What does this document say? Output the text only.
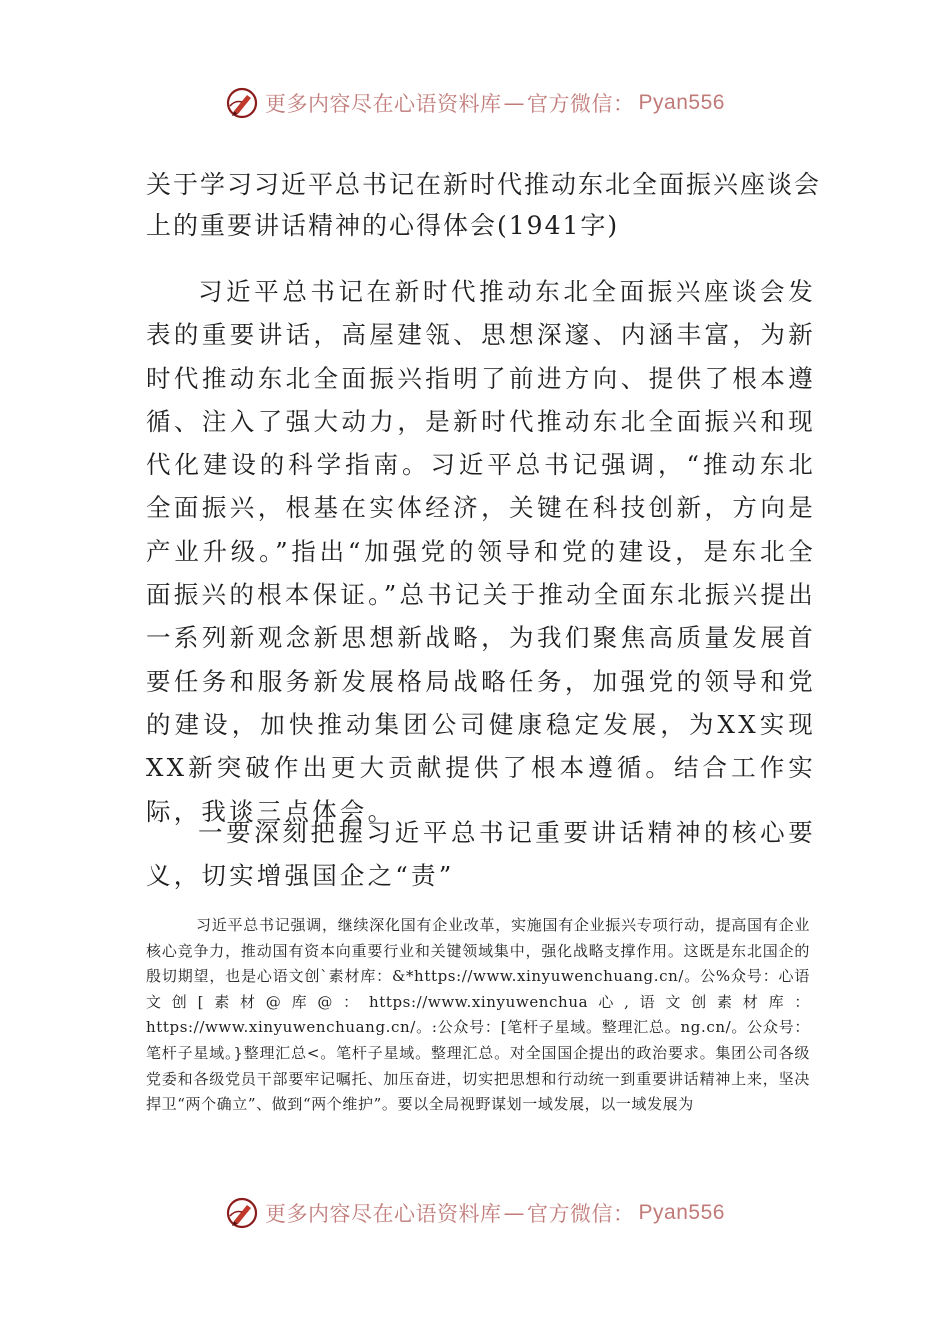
更多内容尽在心语资料库 — 官方微信： Pyan556
关于学习习近平总书记在新时代推动东北全面振兴座谈会上的重要讲话精神的心得体会(1941字)

习近平总书记在新时代推动东北全面振兴座谈会发表的重要讲话，高屋建瓴、思想深邃、内涵丰富，为新时代推动东北全面振兴指明了前进方向、提供了根本遵循、注入了强大动力，是新时代推动东北全面振兴和现代化建设的科学指南。习近平总书记强调，“推动东北全面振兴，根基在实体经济，关键在科技创新，方向是产业升级。”指出“加强党的领导和党的建设，是东北全面振兴的根本保证。”总书记关于推动全面东北振兴提出一系列新观念新思想新战略，为我们聚焦高质量发展首要任务和服务新发展格局战略任务，加强党的领导和党的建设，加快推动集团公司健康稳定发展，为XX实现XX新突破作出更大贡献提供了根本遵循。结合工作实际，我谈三点体会。

一要深刻把握习近平总书记重要讲话精神的核心要义，切实增强国企之“责”

习近平总书记强调，继续深化国有企业改革，实施国有企业振兴专项行动，提高国有企业核心竞争力，推动国有资本向重要行业和关键领域集中，强化战略支撑作用。这既是东北国企的殷切期望，也是心语文创`素材库：&*https://www.xinyuwenchuang.cn/。公%众号：心语文创[素材@库@：https://www.xinyuwenchua心,语文创素材库：https://www.xinyuwenchuang.cn/。:公众号：[笔杆子星域。整理汇总。ng.cn/。公众号：笔杆子星域。}整理汇总<。笔杆子星域。整理汇总。对全国国企提出的政治要求。集团公司各级党委和各级党员干部要牢记嘱托、加压奋进，切实把思想和行动统一到重要讲话精神上来，坚决捍卫“两个确立”、做到“两个维护”。要以全局视野谋划一域发展，以一域发展为

更多内容尽在心语资料库 — 官方微信： Pyan556
